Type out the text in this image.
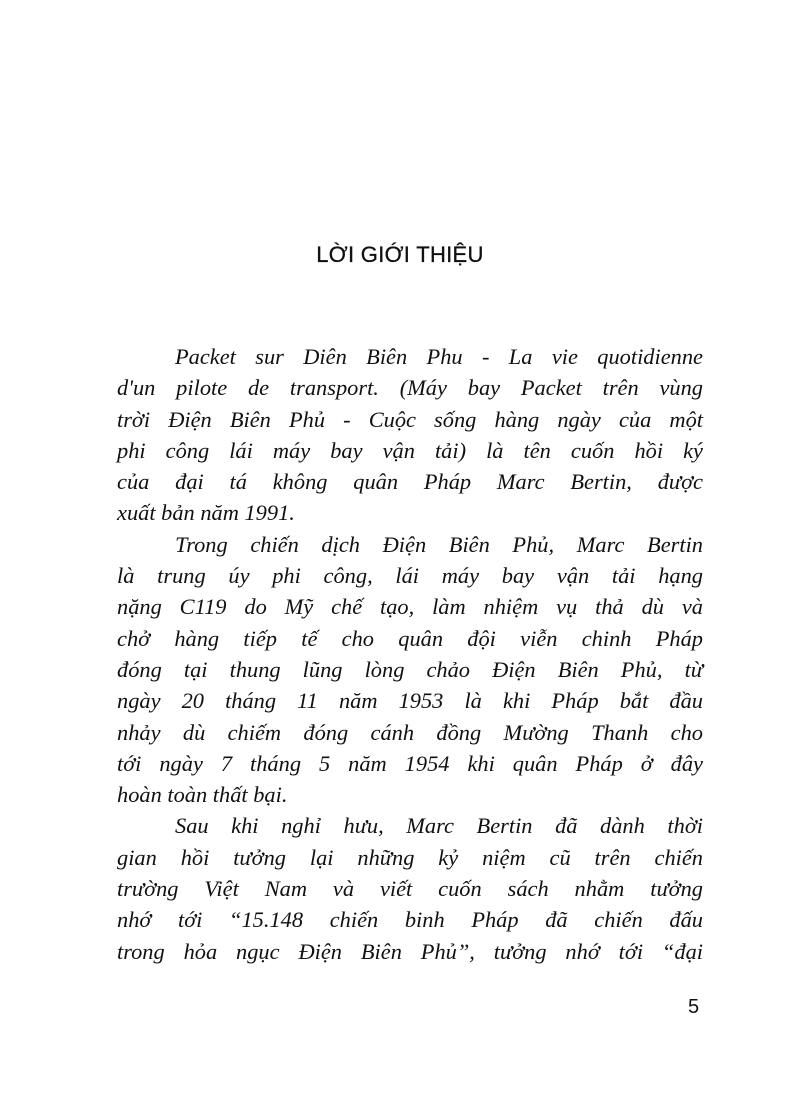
LỜI GIỚI THIỆU
Packet sur Diên Biên Phu - La vie quotidienne
d'un pilote de transport. (Máy bay Packet trên vùng
trời Điện Biên Phủ - Cuộc sống hàng ngày của một
phi công lái máy bay vận tải) là tên cuốn hồi ký
của đại tá không quân Pháp Marc Bertin, được
xuất bản năm 1991.
Trong chiến dịch Điện Biên Phủ, Marc Bertin
là trung úy phi công, lái máy bay vận tải hạng
nặng C119 do Mỹ chế tạo, làm nhiệm vụ thả dù và
chở hàng tiếp tế cho quân đội viễn chinh Pháp
đóng tại thung lũng lòng chảo Điện Biên Phủ, từ
ngày 20 tháng 11 năm 1953 là khi Pháp bắt đầu
nhảy dù chiếm đóng cánh đồng Mường Thanh cho
tới ngày 7 tháng 5 năm 1954 khi quân Pháp ở đây
hoàn toàn thất bại.
Sau khi nghỉ hưu, Marc Bertin đã dành thời
gian hồi tưởng lại những kỷ niệm cũ trên chiến
trường Việt Nam và viết cuốn sách nhằm tưởng
nhớ tới “15.148 chiến binh Pháp đã chiến đấu
trong hỏa ngục Điện Biên Phủ”, tưởng nhớ tới “đại
5
